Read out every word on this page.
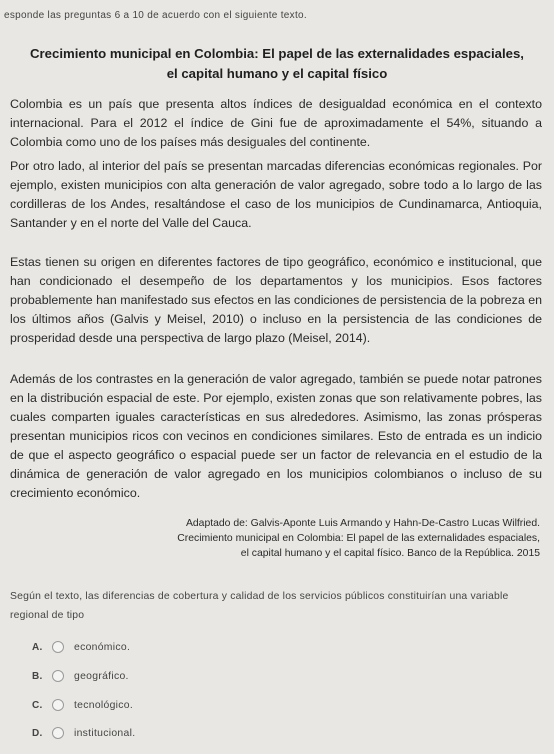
esponde las preguntas 6 a 10 de acuerdo con el siguiente texto.
Crecimiento municipal en Colombia: El papel de las externalidades espaciales,
el capital humano y el capital físico

Colombia es un país que presenta altos índices de desigualdad económica en el contexto internacional. Para el 2012 el índice de Gini fue de aproximadamente el 54%, situando a Colombia como uno de los países más desiguales del continente.

Por otro lado, al interior del país se presentan marcadas diferencias económicas regionales. Por ejemplo, existen municipios con alta generación de valor agregado, sobre todo a lo largo de las cordilleras de los Andes, resaltándose el caso de los municipios de Cundinamarca, Antioquia, Santander y en el norte del Valle del Cauca.

Estas tienen su origen en diferentes factores de tipo geográfico, económico e institucional, que han condicionado el desempeño de los departamentos y los municipios. Esos factores probablemente han manifestado sus efectos en las condiciones de persistencia de la pobreza en los últimos años (Galvis y Meisel, 2010) o incluso en la persistencia de las condiciones de prosperidad desde una perspectiva de largo plazo (Meisel, 2014).

Además de los contrastes en la generación de valor agregado, también se puede notar patrones en la distribución espacial de este. Por ejemplo, existen zonas que son relativamente pobres, las cuales comparten iguales características en sus alrededores. Asimismo, las zonas prósperas presentan municipios ricos con vecinos en condiciones similares. Esto de entrada es un indicio de que el aspecto geográfico o espacial puede ser un factor de relevancia en el estudio de la dinámica de generación de valor agregado en los municipios colombianos o incluso de su crecimiento económico.

Adaptado de: Galvis-Aponte Luis Armando y Hahn-De-Castro Lucas Wilfried.
Crecimiento municipal en Colombia: El papel de las externalidades espaciales,
el capital humano y el capital físico. Banco de la República. 2015
Según el texto, las diferencias de cobertura y calidad de los servicios públicos constituirían una variable regional de tipo
A.	económico.
B.	geográfico.
C.	tecnológico.
D.	institucional.
